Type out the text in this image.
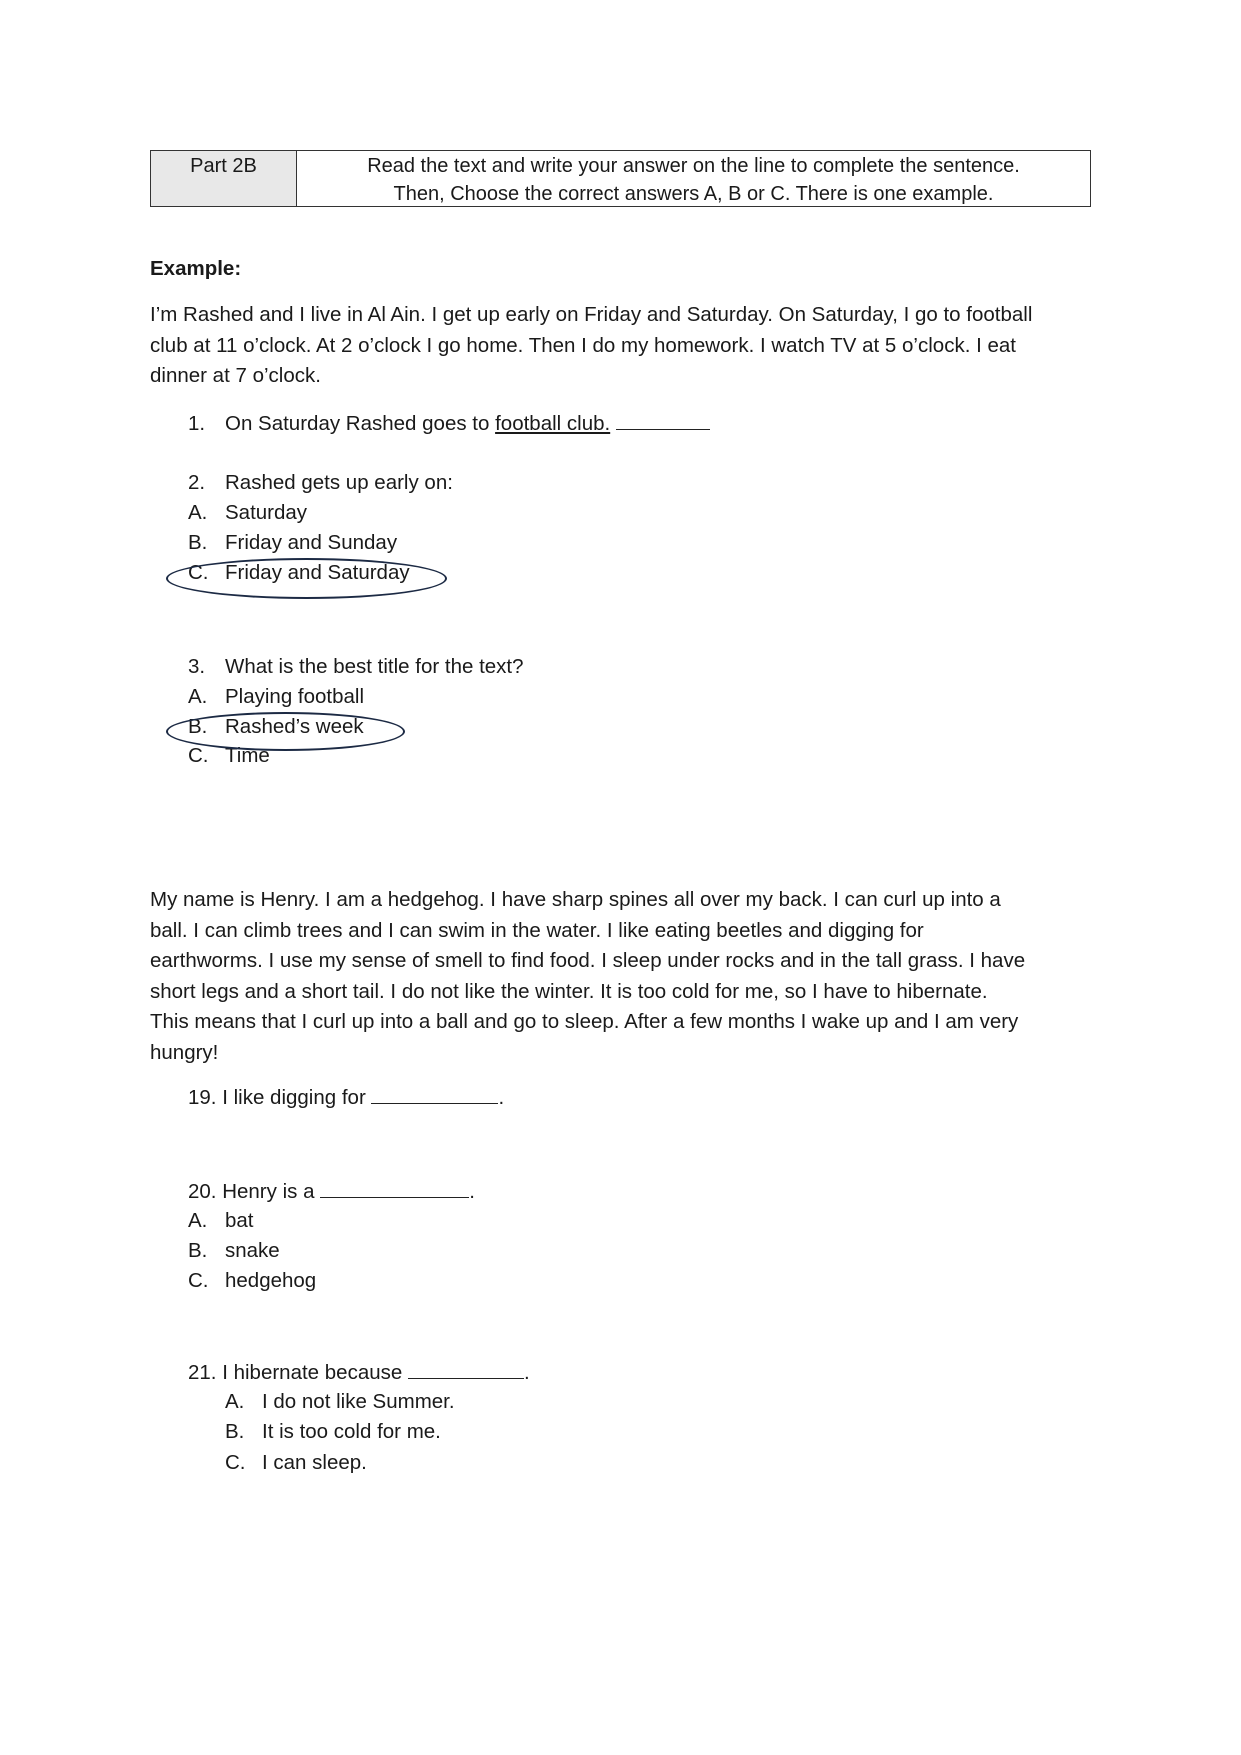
Part 2B	Read the text and write your answer on the line to complete the sentence.
Then, Choose the correct answers A, B or C. There is one example.
Example:

I’m Rashed and I live in Al Ain. I get up early on Friday and Saturday. On Saturday, I go to football

club at 11 o’clock. At 2 o’clock I go home. Then I do my homework. I watch TV at 5 o’clock. I eat

dinner at 7 o’clock.

1. On Saturday Rashed goes to football club.
2. Rashed gets up early on:
A. Saturday
B. Friday and Sunday
C. Friday and Saturday
3. What is the best title for the text?
A. Playing football
B. Rashed’s week
C. Time

My name is Henry. I am a hedgehog. I have sharp spines all over my back. I can curl up into a

ball. I can climb trees and I can swim in the water. I like eating beetles and digging for

earthworms. I use my sense of smell to find food. I sleep under rocks and in the tall grass. I have

short legs and a short tail. I do not like the winter. It is too cold for me, so I have to hibernate.

This means that I curl up into a ball and go to sleep. After a few months I wake up and I am very

hungry!

19. I like digging for	.
20. Henry is a	.
A. bat
B. snake
C. hedgehog
21. I hibernate because	.
A. I do not like Summer.
B. It is too cold for me.
C. I can sleep.
